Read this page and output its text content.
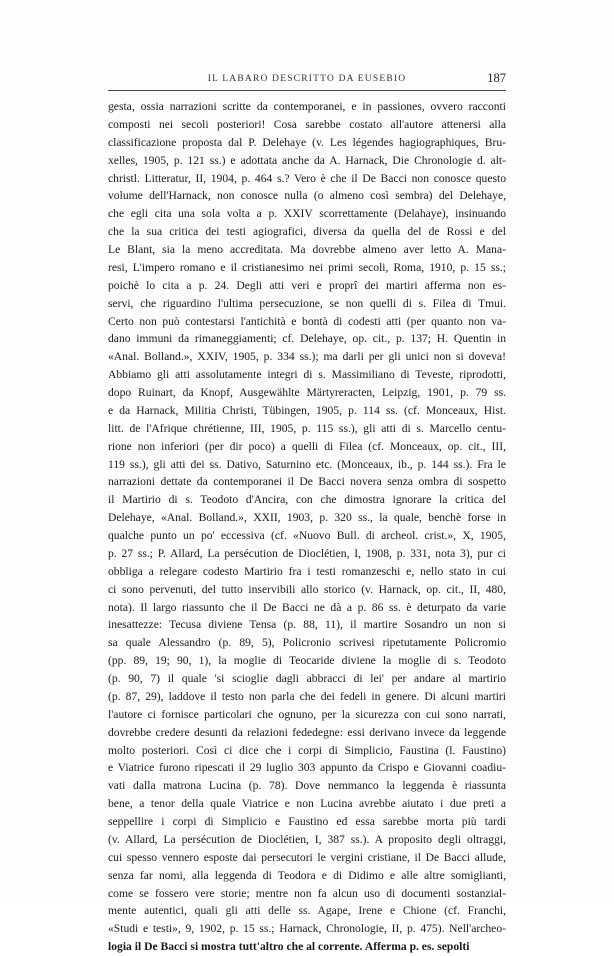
IL LABARO DESCRITTO DA EUSEBIO	187
gesta, ossia narrazioni scritte da contemporanei, e in passiones, ovvero racconti
composti nei secoli posteriori! Cosa sarebbe costato all'autore attenersi alla
classificazione proposta dal P. Delehaye (v. Les légendes hagiographiques, Bru-
xelles, 1905, p. 121 ss.) e adottata anche da A. Harnack, Die Chronologie d. alt-
christl. Litteratur, II, 1904, p. 464 s.? Vero è che il De Bacci non conosce questo
volume dell'Harnack, non conosce nulla (o almeno così sembra) del Delehaye,
che egli cita una sola volta a p. XXIV scorrettamente (Delahaye), insinuando
che la sua critica dei testi agiografici, diversa da quella del de Rossi e del
Le Blant, sia la meno accreditata. Ma dovrebbe almeno aver letto A. Mana-
resi, L'impero romano e il cristianesimo nei primi secoli, Roma, 1910, p. 15 ss.;
poichè lo cita a p. 24. Degli atti veri e proprî dei martiri afferma non es-
servi, che riguardino l'ultima persecuzione, se non quelli di s. Filea di Tmui.
Certo non può contestarsi l'antichità e bontà di codesti atti (per quanto non va-
dano immuni da rimaneggiamenti; cf. Delehaye, op. cit., p. 137; H. Quentin in
«Anal. Bolland.», XXIV, 1905, p. 334 ss.); ma darli per gli unici non si doveva!
Abbiamo gli atti assolutamente integri di s. Massimiliano di Teveste, riprodotti,
dopo Ruinart, da Knopf, Ausgewählte Märtyreracten, Leipzig, 1901, p. 79 ss.
e da Harnack, Militia Christi, Tübingen, 1905, p. 114 ss. (cf. Monceaux, Hist.
litt. de l'Afrique chrétienne, III, 1905, p. 115 ss.), gli atti di s. Marcello centu-
rione non inferiori (per dir poco) a quelli di Filea (cf. Monceaux, op. cit., III,
119 ss.), gli atti dei ss. Dativo, Saturnino etc. (Monceaux, ib., p. 144 ss.). Fra le
narrazioni dettate da contemporanei il De Bacci novera senza ombra di sospetto
il Martirio di s. Teodoto d'Ancira, con che dimostra ignorare la critica del
Delehaye, «Anal. Bolland.», XXII, 1903, p. 320 ss., la quale, benchè forse in
qualche punto un po' eccessiva (cf. «Nuovo Bull. di archeol. crist.», X, 1905,
p. 27 ss.; P. Allard, La persécution de Dioclétien, I, 1908, p. 331, nota 3), pur ci
obbliga a relegare codesto Martirio fra i testi romanzeschi e, nello stato in cui
ci sono pervenuti, del tutto inservibili allo storico (v. Harnack, op. cit., II, 480,
nota). Il largo riassunto che il De Bacci ne dà a p. 86 ss. è deturpato da varie
inesattezze: Tecusa diviene Tensa (p. 88, 11), il martire Sosandro un non si
sa quale Alessandro (p. 89, 5), Policronio scrivesi ripetutamente Policromio
(pp. 89, 19; 90, 1), la moglie di Teocaride diviene la moglie di s. Teodoto
(p. 90, 7) il quale 'si scioglie dagli abbracci di lei' per andare al martirio
(p. 87, 29), laddove il testo non parla che dei fedeli in genere. Di alcuni martiri
l'autore ci fornisce particolari che ognuno, per la sicurezza con cui sono narrati,
dovrebbe credere desunti da relazioni fededegne: essi derivano invece da leggende
molto posteriori. Così ci dice che i corpi di Simplicio, Faustina (l. Faustino)
e Viatrice furono ripescati il 29 luglio 303 appunto da Crispo e Giovanni coadiu-
vati dalla matrona Lucina (p. 78). Dove nemmanco la leggenda è riassunta
bene, a tenor della quale Viatrice e non Lucina avrebbe aiutato i due preti a
seppellire i corpi di Simplicio e Faustino ed essa sarebbe morta più tardi
(v. Allard, La persécution de Dioclétien, I, 387 ss.). A proposito degli oltraggi,
cui spesso vennero esposte dai persecutori le vergini cristiane, il De Bacci allude,
senza far nomi, alla leggenda di Teodora e di Didimo e alle altre somiglianti,
come se fossero vere storie; mentre non fa alcun uso di documenti sostanzial-
mente autentici, quali gli atti delle ss. Agape, Irene e Chione (cf. Franchi,
«Studi e testi», 9, 1902, p. 15 ss.; Harnack, Chronologie, II, p. 475). Nell'archeo-
logia il De Bacci si mostra tutt'altro che al corrente. Afferma p. es. sepolti
